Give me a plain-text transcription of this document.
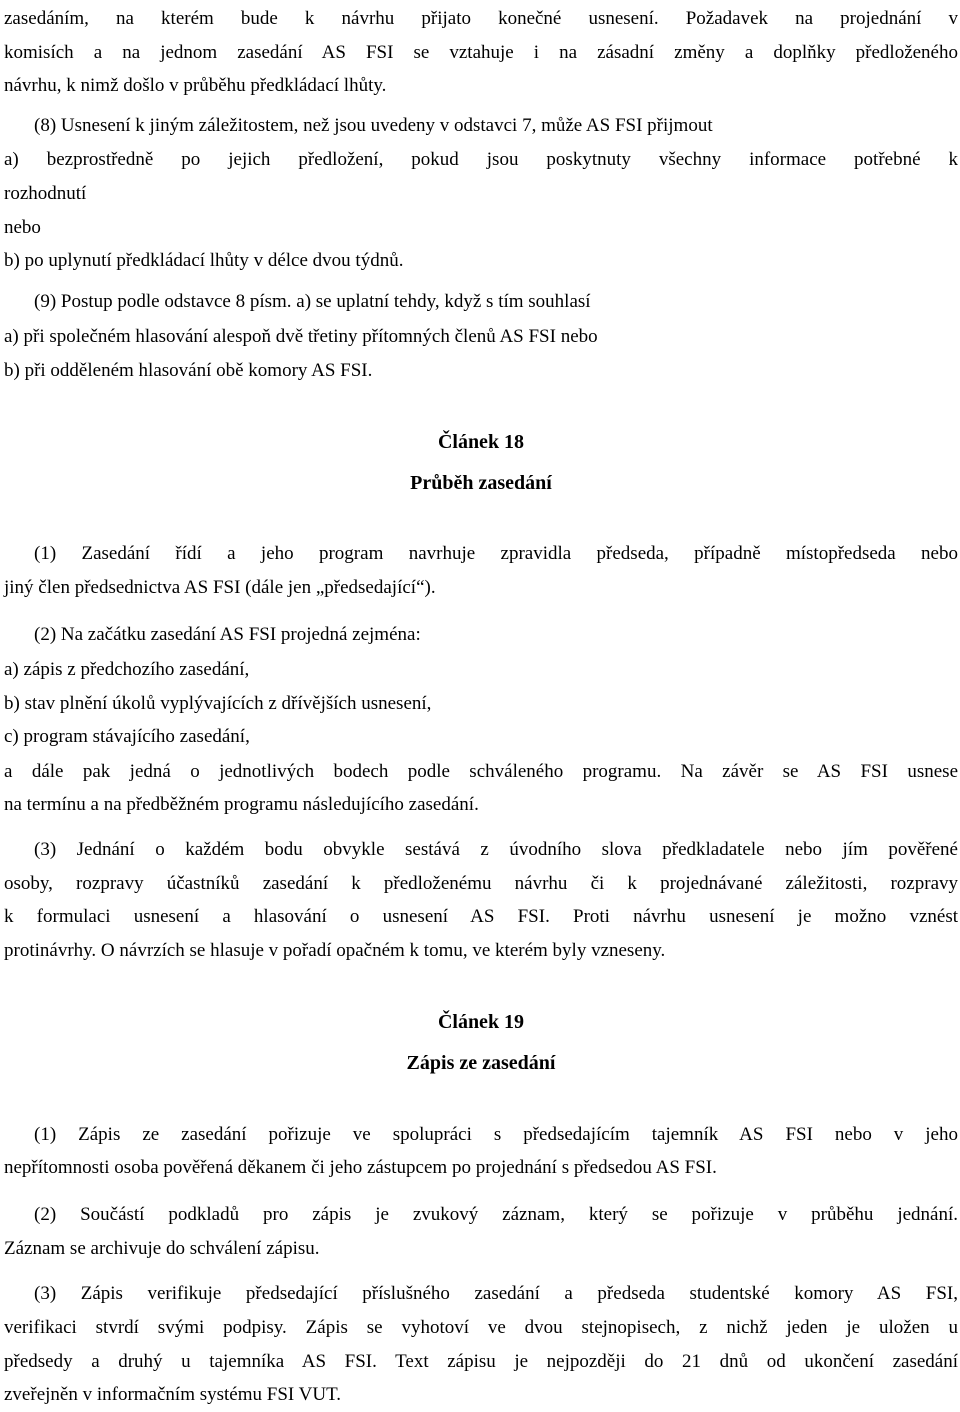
zasedáním, na kterém bude k návrhu přijato konečné usnesení. Požadavek na projednání v
komisích a na jednom zasedání AS FSI se vztahuje i na zásadní změny a doplňky předloženého
návrhu, k nimž došlo v průběhu předkládací lhůty.
(8) Usnesení k jiným záležitostem, než jsou uvedeny v odstavci 7, může AS FSI přijmout
a) bezprostředně po jejich předložení, pokud jsou poskytnuty všechny informace potřebné k
rozhodnutí
nebo
b) po uplynutí předkládací lhůty v délce dvou týdnů.
(9) Postup podle odstavce 8 písm. a) se uplatní tehdy, když s tím souhlasí
a) při společném hlasování alespoň dvě třetiny přítomných členů AS FSI nebo
b) při odděleném hlasování obě komory AS FSI.
Článek 18
Průběh zasedání
(1) Zasedání řídí a jeho program navrhuje zpravidla předseda, případně místopředseda nebo
jiný člen předsednictva AS FSI (dále jen „předsedající“).
(2) Na začátku zasedání AS FSI projedná zejména:
a) zápis z předchozího zasedání,
b) stav plnění úkolů vyplývajících z dřívějších usnesení,
c) program stávajícího zasedání,
a dále pak jedná o jednotlivých bodech podle schváleného programu. Na závěr se AS FSI usnese
na termínu a na předběžném programu následujícího zasedání.
(3) Jednání o každém bodu obvykle sestává z úvodního slova předkladatele nebo jím pověřené
osoby, rozpravy účastníků zasedání k předloženému návrhu či k projednávané záležitosti, rozpravy
k formulaci usnesení a hlasování o usnesení AS FSI. Proti návrhu usnesení je možno vznést
protinávrhy. O návrzích se hlasuje v pořadí opačném k tomu, ve kterém byly vzneseny.
Článek 19
Zápis ze zasedání
(1) Zápis ze zasedání pořizuje ve spolupráci s předsedajícím tajemník AS FSI nebo v jeho
nepřítomnosti osoba pověřená děkanem či jeho zástupcem po projednání s předsedou AS FSI.
(2) Součástí podkladů pro zápis je zvukový záznam, který se pořizuje v průběhu jednání.
Záznam se archivuje do schválení zápisu.
(3) Zápis verifikuje předsedající příslušného zasedání a předseda studentské komory AS FSI,
verifikaci stvrdí svými podpisy. Zápis se vyhotoví ve dvou stejnopisech, z nichž jeden je uložen u
předsedy a druhý u tajemníka AS FSI. Text zápisu je nejpozději do 21 dnů od ukončení zasedání
zveřejněn v informačním systému FSI VUT.
